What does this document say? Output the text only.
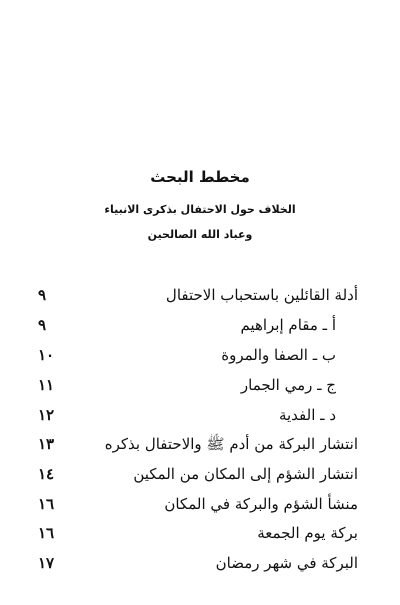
مخطط البحث

الخلاف حول الاحتفال بذكرى الانبياء

وعباد الله الصالحين

أدلة القائلين باستحباب الاحتفال
٩
أ ـ مقام إبراهيم
٩
ب ـ الصفا والمروة
١٠
ج ـ رمي الجمار
١١
د ـ الفدية
١٢
انتشار البركة من أدم ﷺ والاحتفال بذكره
١٣
انتشار الشؤم إلى المكان من المكين
١٤
منشأ الشؤم والبركة في المكان
١٦
بركة يوم الجمعة
١٦
البركة في شهر رمضان
١٧
